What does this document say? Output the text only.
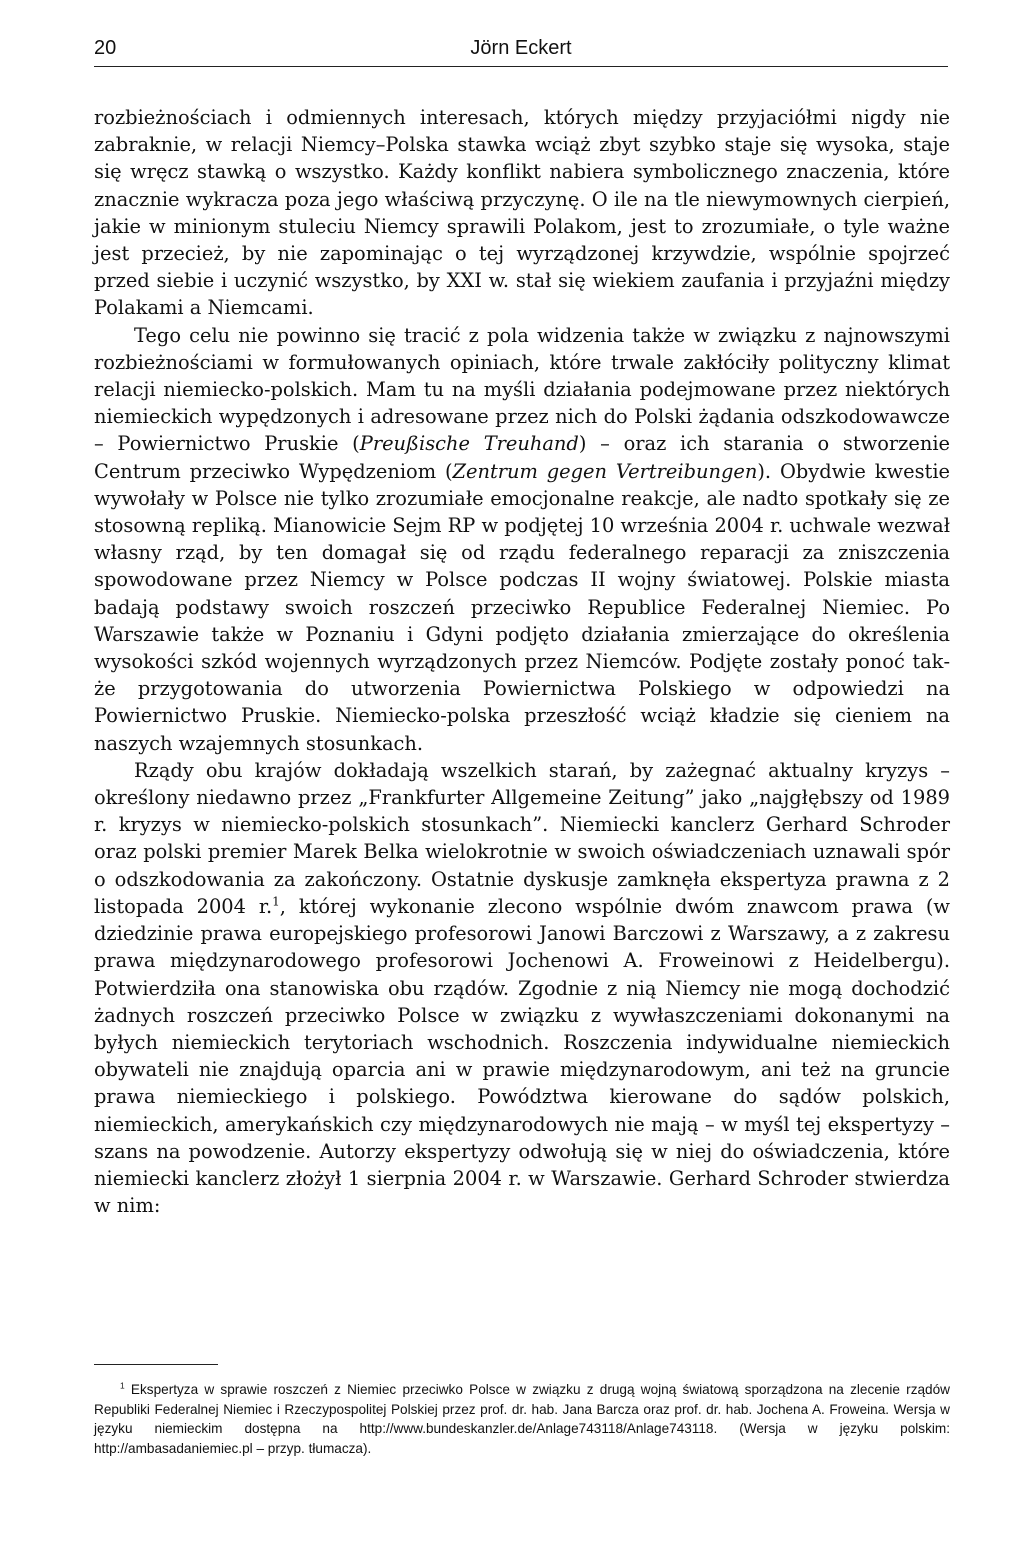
20	Jörn Eckert

rozbieżnościach i odmiennych interesach, których między przyjaciółmi nigdy nie zabraknie, w relacji Niemcy–Polska stawka wciąż zbyt szybko staje się wysoka, staje się wręcz stawką o wszystko. Każdy konflikt nabiera symbolicznego znaczenia, które znacznie wykracza poza jego właściwą przyczynę. O ile na tle niewymownych cierpień, jakie w minionym stuleciu Niemcy sprawili Polakom, jest to zrozumiałe, o tyle ważne jest przecież, by nie zapominając o tej wyrządzonej krzywdzie, wspólnie spojrzeć przed siebie i uczynić wszystko, by XXI w. stał się wiekiem zaufania i przyjaźni między Polakami a Niemcami.

Tego celu nie powinno się tracić z pola widzenia także w związku z najnowszymi rozbieżnościami w formułowanych opiniach, które trwale zakłóciły polityczny klimat relacji niemiecko-polskich. Mam tu na myśli działania podejmowane przez niektórych niemieckich wypędzonych i adresowane przez nich do Polski żądania odszkodowawcze – Powiernictwo Pruskie (Preußische Treuhand) – oraz ich starania o stworzenie Centrum przeciwko Wypędzeniom (Zentrum gegen Vertreibungen). Obydwie kwestie wywołały w Polsce nie tylko zrozumiałe emocjonalne reakcje, ale nadto spotkały się ze stosowną repliką. Mianowicie Sejm RP w podjętej 10 września 2004 r. uchwale wezwał własny rząd, by ten domagał się od rządu federalnego reparacji za zniszczenia spowodowane przez Niemcy w Polsce podczas II wojny światowej. Polskie miasta badają podstawy swoich roszczeń przeciwko Republice Federalnej Niemiec. Po Warszawie także w Poznaniu i Gdyni podjęto działania zmierzające do określenia wysokości szkód wojennych wyrządzonych przez Niemców. Podjęte zostały ponoć także przygotowania do utworzenia Powiernictwa Polskiego w odpowiedzi na Powiernictwo Pruskie. Niemiecko-polska przeszłość wciąż kładzie się cieniem na naszych wzajemnych stosunkach.

Rządy obu krajów dokładają wszelkich starań, by zażegnać aktualny kryzys – określony niedawno przez „Frankfurter Allgemeine Zeitung” jako „najgłębszy od 1989 r. kryzys w niemiecko-polskich stosunkach”. Niemiecki kanclerz Gerhard Schroder oraz polski premier Marek Belka wielokrotnie w swoich oświadczeniach uznawali spór o odszkodowania za zakończony. Ostatnie dyskusje zamknęła ekspertyza prawna z 2 listopada 2004 r.$^1$, której wykonanie zlecono wspólnie dwóm znawcom prawa (w dziedzinie prawa europejskiego profesorowi Janowi Barczowi z Warszawy, a z zakresu prawa międzynarodowego profesorowi Jochenowi A. Froweinowi z Heidelbergu). Potwierdziła ona stanowiska obu rządów. Zgodnie z nią Niemcy nie mogą dochodzić żadnych roszczeń przeciwko Polsce w związku z wywłaszczeniami dokonanymi na byłych niemieckich terytoriach wschodnich. Roszczenia indywidualne niemieckich obywateli nie znajdują oparcia ani w prawie międzynarodowym, ani też na gruncie prawa niemieckiego i polskiego. Powództwa kierowane do sądów polskich, niemieckich, amerykańskich czy międzynarodowych nie mają – w myśl tej ekspertyzy – szans na powodzenie. Autorzy ekspertyzy odwołują się w niej do oświadczenia, które niemiecki kanclerz złożył 1 sierpnia 2004 r. w Warszawie. Gerhard Schroder stwierdza w nim:

$^1$ Ekspertyza w sprawie roszczeń z Niemiec przeciwko Polsce w związku z drugą wojną światową sporządzona na zlecenie rządów Republiki Federalnej Niemiec i Rzeczypospolitej Polskiej przez prof. dr. hab. Jana Barcza oraz prof. dr. hab. Jochena A. Froweina. Wersja w języku niemieckim dostępna na http://www.bundeskanzler.de/Anlage743118/Anlage743118. (Wersja w języku polskim: http://ambasadaniemiec.pl – przyp. tłumacza).
